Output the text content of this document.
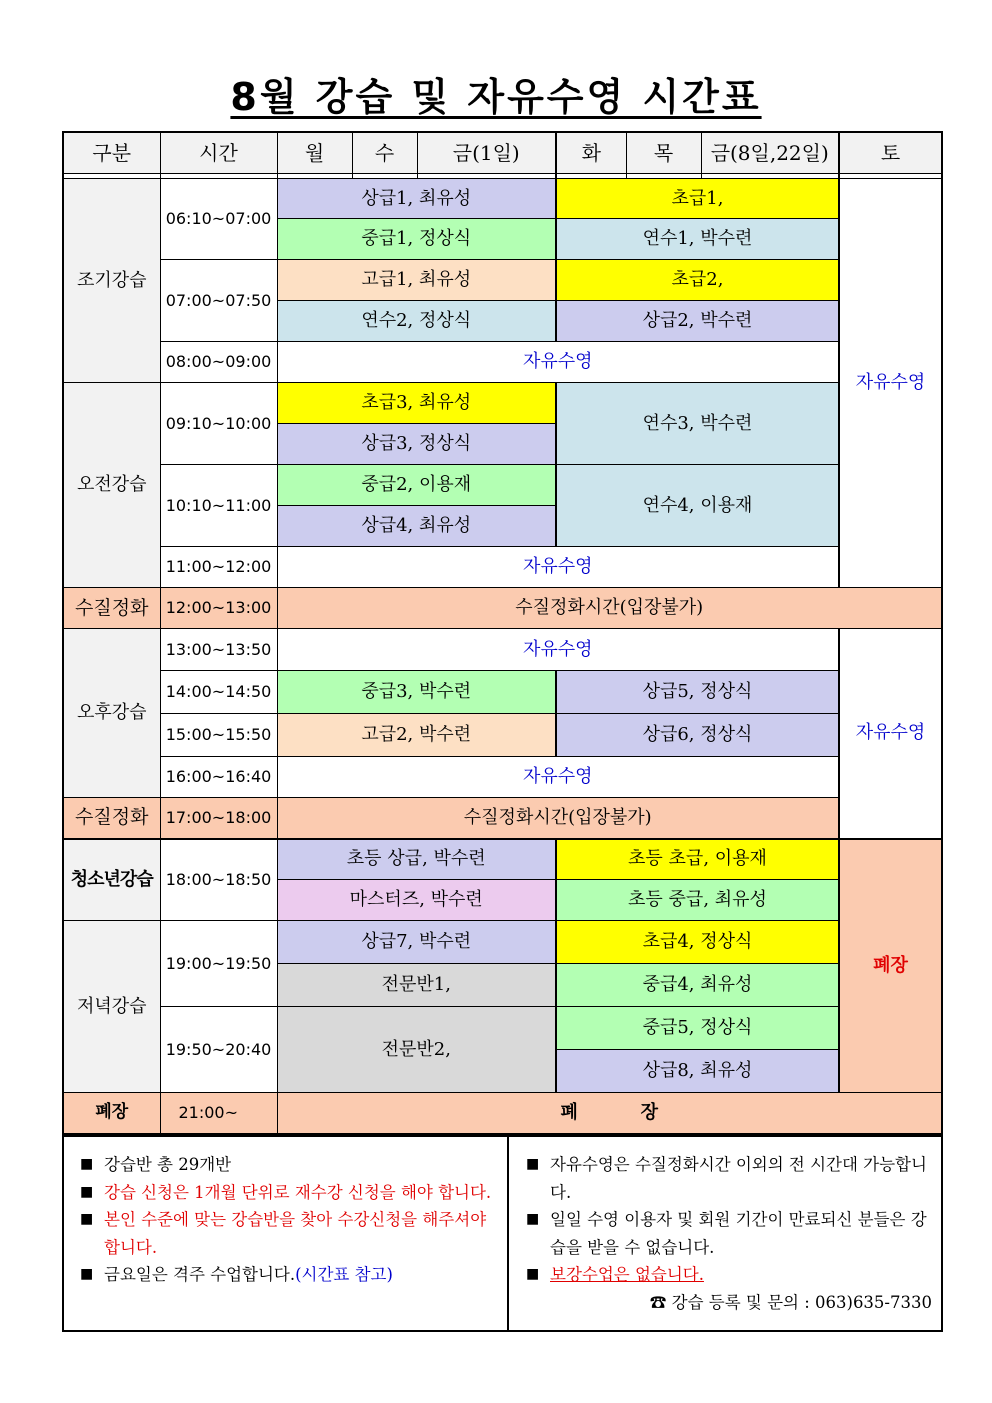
8월 강습 및 자유수영 시간표
구분	시간	월	수	금(1일)	화	목	금(8일,22일)	토

조기강습	06:10~07:00	상급1, 최유성			초급1,			자유수영
		중급1, 정상식			연수1, 박수련			
	07:00~07:50	고급1, 최유성			초급2,			
		연수2, 정상식			상급2, 박수련			
	08:00~09:00	자유수영						
오전강습	09:10~10:00	초급3, 최유성			연수3, 박수련			
		상급3, 정상식						
	10:10~11:00	중급2, 이용재			연수4, 이용재			
		상급4, 최유성						
	11:00~12:00	자유수영						
수질정화	12:00~13:00	수질정화시간(입장불가)						
오후강습	13:00~13:50	자유수영						자유수영
	14:00~14:50	중급3, 박수련			상급5, 정상식			
	15:00~15:50	고급2, 박수련			상급6, 정상식			
	16:00~16:40	자유수영						
수질정화	17:00~18:00	수질정화시간(입장불가)						
청소년강습	18:00~18:50	초등 상급, 박수련			초등 초급, 이용재			폐장
		마스터즈, 박수련			초등 중급, 최유성			
저녁강습	19:00~19:50	상급7, 박수련			초급4, 정상식			
		전문반1,			중급4, 최유성			
	19:50~20:40	전문반2,			중급5, 정상식			
					상급8, 최유성			
폐장	21:00~	폐          장						
■ 강습반 총 29개반
■ 강습 신청은 1개월 단위로 재수강 신청을 해야 합니다.
■ 본인 수준에 맞는 강습반을 찾아 수강신청을 해주셔야 합니다.
■ 금요일은 격주 수업합니다.(시간표 참고)
■ 자유수영은 수질정화시간 이외의 전 시간대 가능합니다.
■ 일일 수영 이용자 및 회원 기간이 만료되신 분들은 강습을 받을 수 없습니다.
■ 보강수업은 없습니다.
☎ 강습 등록 및 문의 : 063)635-7330
